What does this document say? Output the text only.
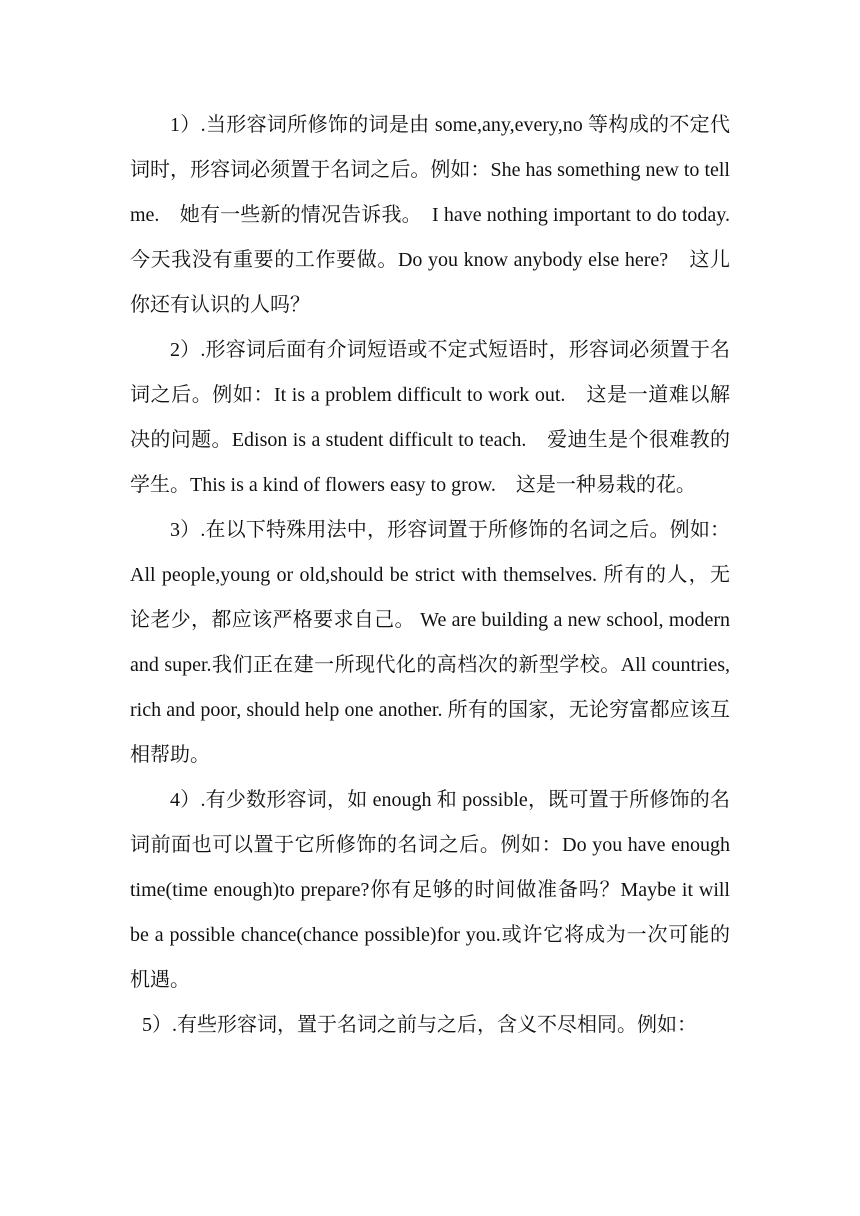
1）.当形容词所修饰的词是由 some,any,every,no 等构成的不定代词时，形容词必须置于名词之后。例如：She has something new to tell me.　她有一些新的情况告诉我。　I have nothing important to do today.　今天我没有重要的工作要做。Do you know anybody else here?　这儿你还有认识的人吗？

2）.形容词后面有介词短语或不定式短语时，形容词必须置于名词之后。例如：It is a problem difficult to work out.　这是一道难以解决的问题。Edison is a student difficult to teach.　爱迪生是个很难教的学生。This is a kind of flowers easy to grow.　这是一种易栽的花。

3）.在以下特殊用法中，形容词置于所修饰的名词之后。例如：All people,young or old,should be strict with themselves. 所有的人，无论老少，都应该严格要求自己。 We are building a new school, modern and super.我们正在建一所现代化的高档次的新型学校。All countries, rich and poor, should help one another. 所有的国家，无论穷富都应该互相帮助。

4）.有少数形容词，如 enough 和 possible，既可置于所修饰的名词前面也可以置于它所修饰的名词之后。例如：Do you have enough time(time enough)to prepare?你有足够的时间做准备吗？Maybe it will be a possible chance(chance possible)for you.或许它将成为一次可能的机遇。

5）.有些形容词，置于名词之前与之后，含义不尽相同。例如：
